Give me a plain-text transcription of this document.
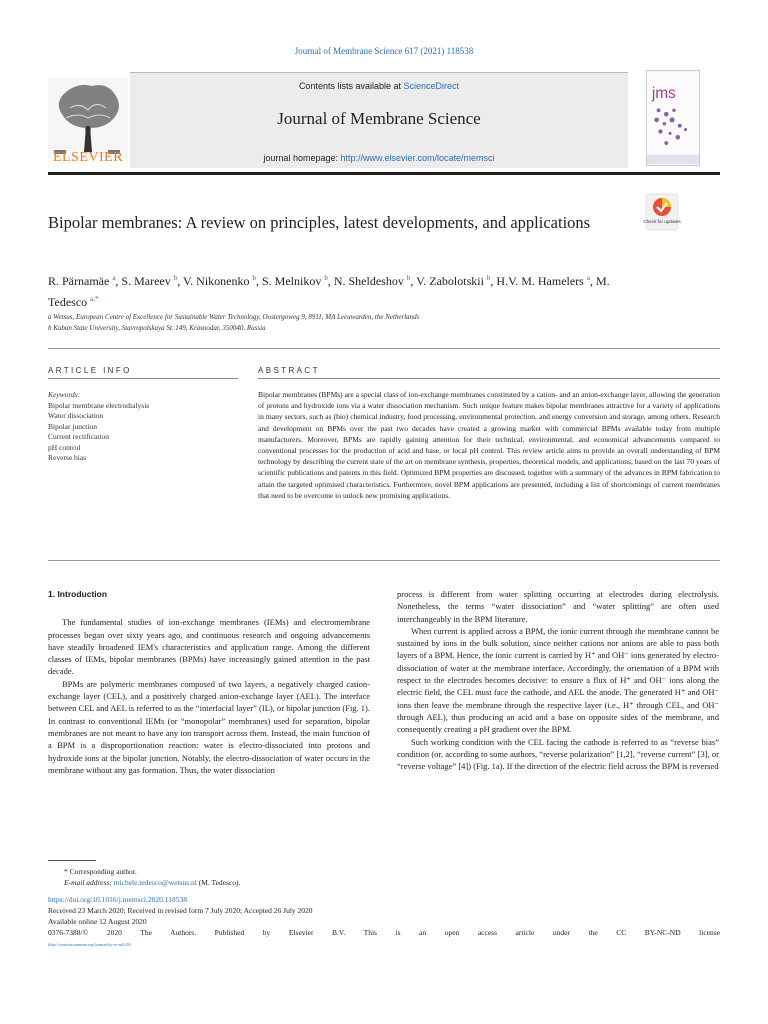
Journal of Membrane Science 617 (2021) 118538
ELSEVIER
Contents lists available at ScienceDirect
Journal of Membrane Science
journal homepage: http://www.elsevier.com/locate/memsci
jms
Bipolar membranes: A review on principles, latest developments, and applications	Check for updates
R. Pärnamäe $^a$, S. Mareev $^b$, V. Nikonenko $^b$, S. Melnikov $^b$, N. Sheldeshov $^b$, V. Zabolotskii $^b$, H.V. M. Hamelers $^a$, M. Tedesco $^{a,*}$
a Wetsus, European Centre of Excellence for Sustainable Water Technology, Oostergoweg 9, 8911, MA Leeuwarden, the Netherlands
b Kuban State University, Stavropolskaya St. 149, Krasnodar, 350040, Russia
ARTICLE INFO	ABSTRACT
Keywords:
Bipolar membrane electrodialysis
Water dissociation
Bipolar junction
Current rectification
pH control
Reverse bias
Bipolar membranes (BPMs) are a special class of ion-exchange membranes constituted by a cation- and an anion-exchange layer, allowing the generation of protons and hydroxide ions via a water dissociation mechanism. Such unique feature makes bipolar membranes attractive for a variety of applications in many sectors, such as (bio) chemical industry, food processing, environmental protection, and energy conversion and storage, among others. Research and development on BPMs over the past two decades have created a growing market with commercial BPMs available today from multiple manufacturers. Moreover, BPMs are rapidly gaining attention for their technical, environmental, and economical advancements compared to conventional processes for the production of acid and base, or local pH control. This review article aims to provide an overall understanding of BPM technology by describing the current state of the art on membrane synthesis, properties, theoretical models, and applications, based on the last 70 years of scientific publications and patents in this field. Optimized BPM properties are discussed, together with a summary of the advances in BPM fabrication to attain the targeted optimised characteristics. Furthermore, novel BPM applications are presented, including a list of shortcomings of current membranes that need to be overcome to unlock new promising applications.
1. Introduction

The fundamental studies of ion-exchange membranes (IEMs) and electromembrane processes began over sixty years ago, and continuous research and ongoing advancements have steadily broadened IEM's characteristics and application range. Among the different classes of IEMs, bipolar membranes (BPMs) have increasingly gained attention in the past decade.

BPMs are polymeric membranes composed of two layers, a negatively charged cation-exchange layer (CEL), and a positively charged anion-exchange layer (AEL). The interface between CEL and AEL is referred to as the “interfacial layer” (IL), or bipolar junction (Fig. 1). In contrast to conventional IEMs (or “monopolar” membranes) used for separation, bipolar membranes are not meant to have any ion transport across them. Instead, the main function of a BPM is a disproportionation reaction: water is electro-dissociated into protons and hydroxide ions at the bipolar junction. Notably, the electro-dissociation of water occurs in the membrane without any gas formation. Thus, the water dissociation

process is different from water splitting occurring at electrodes during electrolysis. Nonetheless, the terms “water dissociation” and “water splitting” are often used interchangeably in the BPM literature.

When current is applied across a BPM, the ionic current through the membrane cannot be sustained by ions in the bulk solution, since neither cations nor anions are able to pass both layers of a BPM. Hence, the ionic current is carried by H⁺ and OH⁻ ions generated by electro-dissociation of water at the membrane interface. Accordingly, the orientation of a BPM with respect to the electrodes becomes decisive: to ensure a flux of H⁺ and OH⁻ ions along the electric field, the CEL must face the cathode, and AEL the anode. The generated H⁺ and OH⁻ ions then leave the membrane through the respective layer (i.e., H⁺ through CEL, and OH⁻ through AEL), thus producing an acid and a base on opposite sides of the membrane, and consequently creating a pH gradient over the BPM.

Such working condition with the CEL facing the cathode is referred to as “reverse bias” condition (or, according to some authors, “reverse polarization” [1,2], “reverse current” [3], or “reverse voltage” [4]) (Fig. 1a). If the direction of the electric field across the BPM is reversed

* Corresponding author.
E-mail address: michele.tedesco@wetsus.nl (M. Tedesco).
https://doi.org/10.1016/j.memsci.2020.118538
Received 23 March 2020; Received in revised form 7 July 2020; Accepted 26 July 2020
Available online 12 August 2020
0376-7388/© 2020 The Authors. Published by Elsevier B.V. This is an open access article under the CC BY-NC-ND license
(http://creativecommons.org/licenses/by-nc-nd/4.0/).
